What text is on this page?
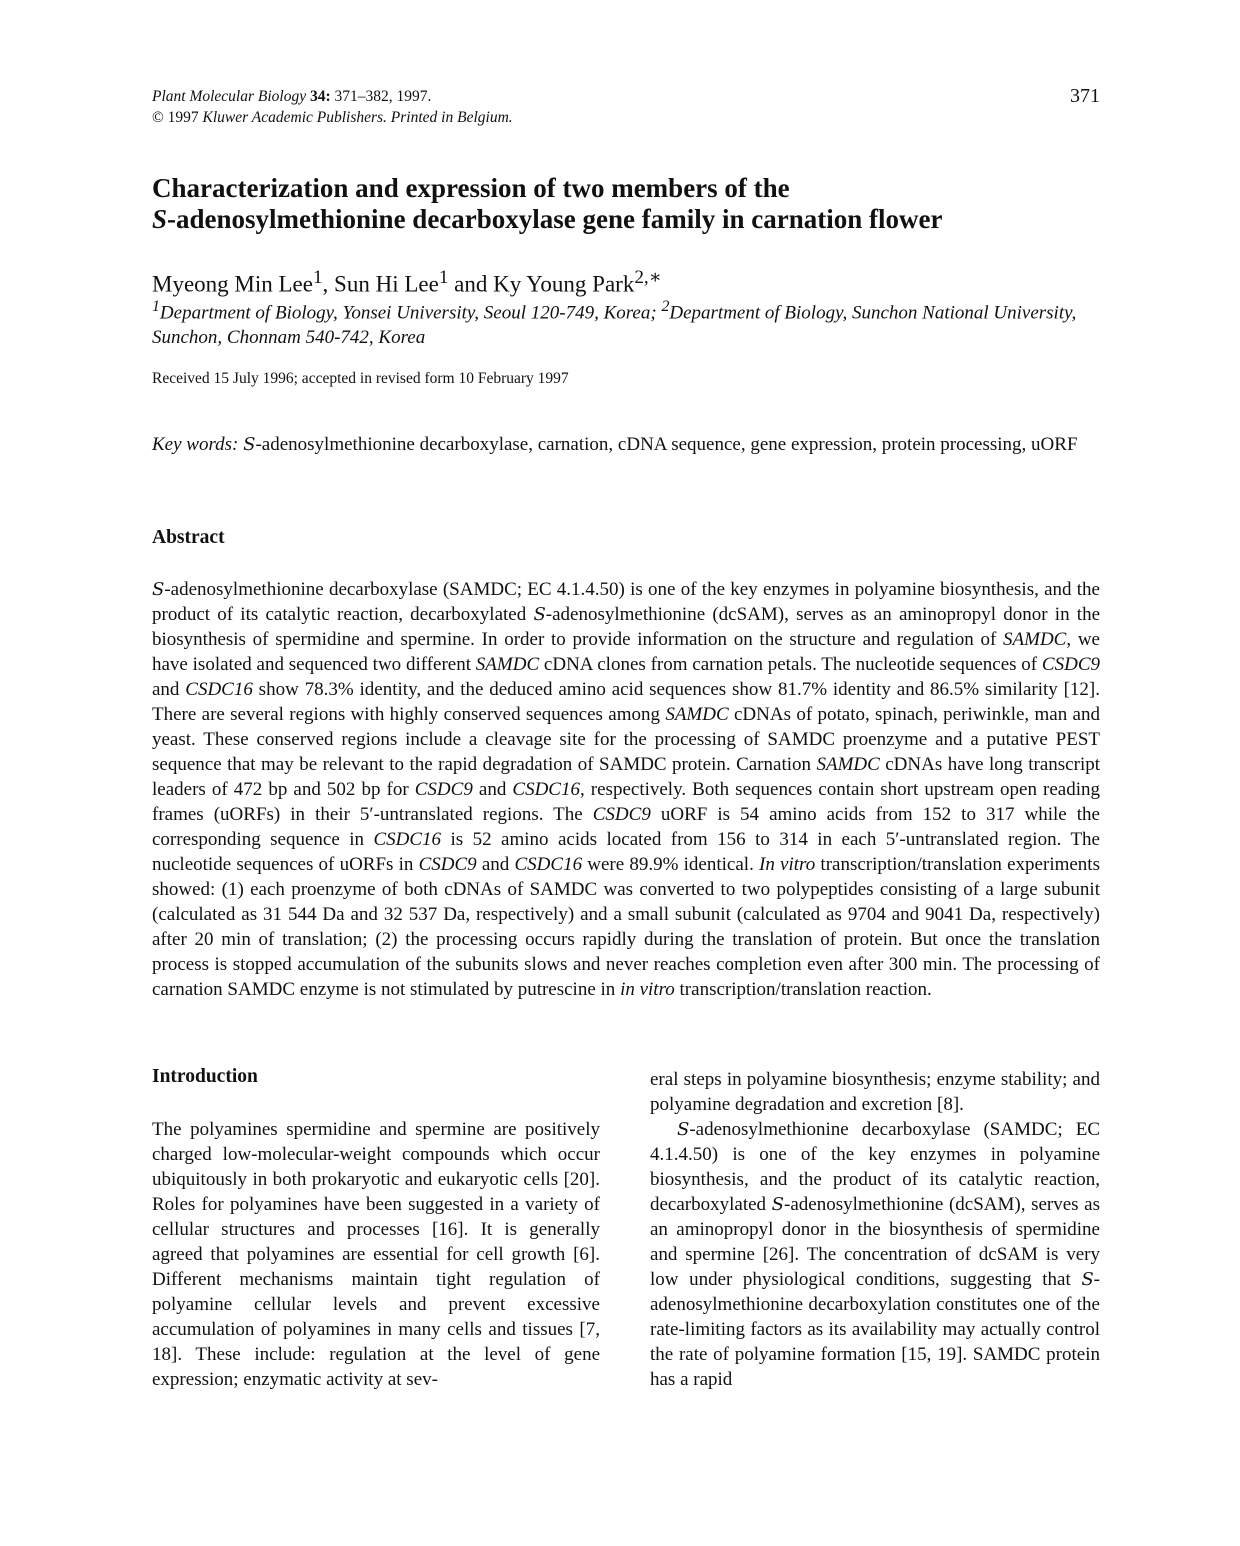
Plant Molecular Biology 34: 371–382, 1997.
© 1997 Kluwer Academic Publishers. Printed in Belgium.
371
Characterization and expression of two members of the
S-adenosylmethionine decarboxylase gene family in carnation flower
Myeong Min Lee$^1$, Sun Hi Lee$^1$ and Ky Young Park$^{2,∗}$
$^1$Department of Biology, Yonsei University, Seoul 120-749, Korea; $^2$Department of Biology, Sunchon National University, Sunchon, Chonnam 540-742, Korea
Received 15 July 1996; accepted in revised form 10 February 1997
Key words: S-adenosylmethionine decarboxylase, carnation, cDNA sequence, gene expression, protein processing, uORF
Abstract
S-adenosylmethionine decarboxylase (SAMDC; EC 4.1.4.50) is one of the key enzymes in polyamine biosynthesis, and the product of its catalytic reaction, decarboxylated S-adenosylmethionine (dcSAM), serves as an aminopropyl donor in the biosynthesis of spermidine and spermine. In order to provide information on the structure and regulation of SAMDC, we have isolated and sequenced two different SAMDC cDNA clones from carnation petals. The nucleotide sequences of CSDC9 and CSDC16 show 78.3% identity, and the deduced amino acid sequences show 81.7% identity and 86.5% similarity [12]. There are several regions with highly conserved sequences among SAMDC cDNAs of potato, spinach, periwinkle, man and yeast. These conserved regions include a cleavage site for the processing of SAMDC proenzyme and a putative PEST sequence that may be relevant to the rapid degradation of SAMDC protein. Carnation SAMDC cDNAs have long transcript leaders of 472 bp and 502 bp for CSDC9 and CSDC16, respectively. Both sequences contain short upstream open reading frames (uORFs) in their 5′-untranslated regions. The CSDC9 uORF is 54 amino acids from 152 to 317 while the corresponding sequence in CSDC16 is 52 amino acids located from 156 to 314 in each 5′-untranslated region. The nucleotide sequences of uORFs in CSDC9 and CSDC16 were 89.9% identical. In vitro transcription/translation experiments showed: (1) each proenzyme of both cDNAs of SAMDC was converted to two polypeptides consisting of a large subunit (calculated as 31 544 Da and 32 537 Da, respectively) and a small subunit (calculated as 9704 and 9041 Da, respectively) after 20 min of translation; (2) the processing occurs rapidly during the translation of protein. But once the translation process is stopped accumulation of the subunits slows and never reaches completion even after 300 min. The processing of carnation SAMDC enzyme is not stimulated by putrescine in in vitro transcription/translation reaction.
Introduction
The polyamines spermidine and spermine are positively charged low-molecular-weight compounds which occur ubiquitously in both prokaryotic and eukaryotic cells [20]. Roles for polyamines have been suggested in a variety of cellular structures and processes [16]. It is generally agreed that polyamines are essential for cell growth [6]. Different mechanisms maintain tight regulation of polyamine cellular levels and prevent excessive accumulation of polyamines in many cells and tissues [7, 18]. These include: regulation at the level of gene expression; enzymatic activity at sev-

eral steps in polyamine biosynthesis; enzyme stability; and polyamine degradation and excretion [8].

S-adenosylmethionine decarboxylase (SAMDC; EC 4.1.4.50) is one of the key enzymes in polyamine biosynthesis, and the product of its catalytic reaction, decarboxylated S-adenosylmethionine (dcSAM), serves as an aminopropyl donor in the biosynthesis of spermidine and spermine [26]. The concentration of dcSAM is very low under physiological conditions, suggesting that S-adenosylmethionine decarboxylation constitutes one of the rate-limiting factors as its availability may actually control the rate of polyamine formation [15, 19]. SAMDC protein has a rapid
